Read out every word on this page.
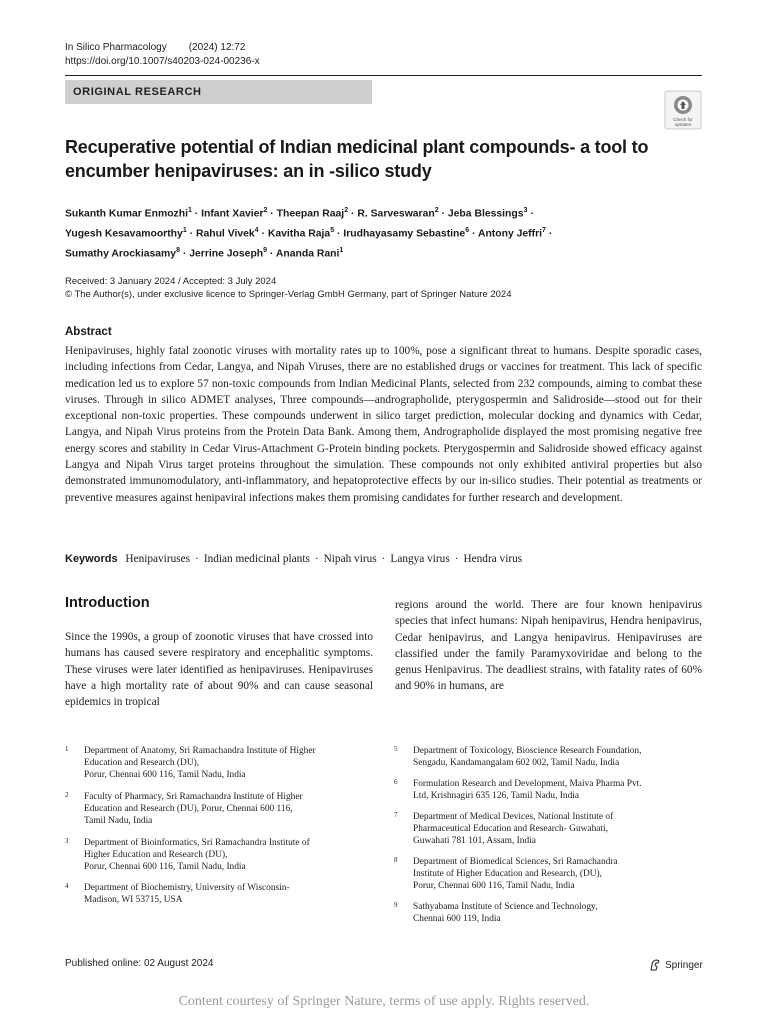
In Silico Pharmacology (2024) 12:72
https://doi.org/10.1007/s40203-024-00236-x
ORIGINAL RESEARCH
Check for
updates
Recuperative potential of Indian medicinal plant compounds- a tool to
encumber henipaviruses: an in -silico study
Sukanth Kumar Enmozhi$^1$ · Infant Xavier$^2$ · Theepan Raaj$^2$ · R. Sarveswaran$^2$ · Jeba Blessings$^3$ ·
Yugesh Kesavamoorthy$^1$ · Rahul Vivek$^4$ · Kavitha Raja$^5$ · Irudhayasamy Sebastine$^6$ · Antony Jeffri$^7$ ·
Sumathy Arockiasamy$^8$ · Jerrine Joseph$^9$ · Ananda Rani$^1$
Received: 3 January 2024 / Accepted: 3 July 2024
© The Author(s), under exclusive licence to Springer-Verlag GmbH Germany, part of Springer Nature 2024
Abstract
Henipaviruses, highly fatal zoonotic viruses with mortality rates up to 100%, pose a significant threat to humans. Despite sporadic cases, including infections from Cedar, Langya, and Nipah Viruses, there are no established drugs or vaccines for treatment. This lack of specific medication led us to explore 57 non-toxic compounds from Indian Medicinal Plants, selected from 232 compounds, aiming to combat these viruses. Through in silico ADMET analyses, Three compounds—andrographolide, pterygospermin and Salidroside—stood out for their exceptional non-toxic properties. These compounds underwent in silico target prediction, molecular docking and dynamics with Cedar, Langya, and Nipah Virus proteins from the Protein Data Bank. Among them, Andrographolide displayed the most promising negative free energy scores and stability in Cedar Virus-Attachment G-Protein binding pockets. Pterygospermin and Salidroside showed efficacy against Langya and Nipah Virus target proteins throughout the simulation. These compounds not only exhibited antiviral properties but also demonstrated immunomodulatory, anti-inflammatory, and hepatoprotective effects by our in-silico studies. Their potential as treatments or preventive measures against henipaviral infections makes them promising candidates for further research and development.
Keywords Henipaviruses · Indian medicinal plants · Nipah virus · Langya virus · Hendra virus
Introduction
Since the 1990s, a group of zoonotic viruses that have crossed into humans has caused severe respiratory and encephalitic symptoms. These viruses were later identified as henipaviruses. Henipaviruses have a high mortality rate of about 90% and can cause seasonal epidemics in tropical
regions around the world. There are four known henipavirus species that infect humans: Nipah henipavirus, Hendra henipavirus, Cedar henipavirus, and Langya henipavirus. Henipaviruses are classified under the family Paramyxoviridae and belong to the genus Henipavirus. The deadliest strains, with fatality rates of 60% and 90% in humans, are
1 Department of Anatomy, Sri Ramachandra Institute of Higher
Education and Research (DU),
Porur, Chennai 600 116, Tamil Nadu, India
2 Faculty of Pharmacy, Sri Ramachandra Institute of Higher
Education and Research (DU), Porur, Chennai 600 116,
Tamil Nadu, India
3 Department of Bioinformatics, Sri Ramachandra Institute of
Higher Education and Research (DU),
Porur, Chennai 600 116, Tamil Nadu, India
4 Department of Biochemistry, University of Wisconsin-
Madison, WI 53715, USA
5 Department of Toxicology, Bioscience Research Foundation,
Sengadu, Kandamangalam 602 002, Tamil Nadu, India
6 Formulation Research and Development, Maiva Pharma Pvt.
Ltd, Krishnagiri 635 126, Tamil Nadu, India
7 Department of Medical Devices, National Institute of
Pharmaceutical Education and Research- Guwahati,
Guwahati 781 101, Assam, India
8 Department of Biomedical Sciences, Sri Ramachandra
Institute of Higher Education and Research, (DU),
Porur, Chennai 600 116, Tamil Nadu, India
9 Sathyabama Institute of Science and Technology,
Chennai 600 119, India
Published online: 02 August 2024	Springer
Content courtesy of Springer Nature, terms of use apply. Rights reserved.
